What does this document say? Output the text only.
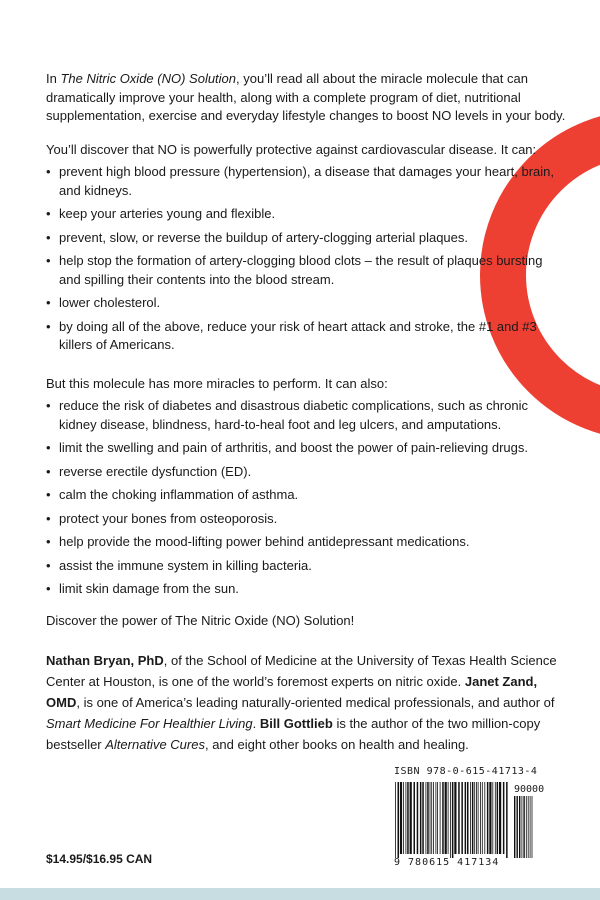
In The Nitric Oxide (NO) Solution, you’ll read all about the miracle molecule that can dramatically improve your health, along with a complete program of diet, nutritional supplementation, exercise and everyday lifestyle changes to boost NO levels in your body.

You’ll discover that NO is powerfully protective against cardiovascular disease. It can:

• prevent high blood pressure (hypertension), a disease that damages your heart, brain, and kidneys.
• keep your arteries young and flexible.
• prevent, slow, or reverse the buildup of artery-clogging arterial plaques.
• help stop the formation of artery-clogging blood clots – the result of plaques bursting and spilling their contents into the blood stream.
• lower cholesterol.
• by doing all of the above, reduce your risk of heart attack and stroke, the #1 and #3 killers of Americans.

But this molecule has more miracles to perform. It can also:

• reduce the risk of diabetes and disastrous diabetic complications, such as chronic kidney disease, blindness, hard-to-heal foot and leg ulcers, and amputations.
• limit the swelling and pain of arthritis, and boost the power of pain-relieving drugs.
• reverse erectile dysfunction (ED).
• calm the choking inflammation of asthma.
• protect your bones from osteoporosis.
• help provide the mood-lifting power behind antidepressant medications.
• assist the immune system in killing bacteria.
• limit skin damage from the sun.

Discover the power of The Nitric Oxide (NO) Solution!

Nathan Bryan, PhD, of the School of Medicine at the University of Texas Health Science Center at Houston, is one of the world’s foremost experts on nitric oxide. Janet Zand, OMD, is one of America’s leading naturally-oriented medical professionals, and author of Smart Medicine For Healthier Living. Bill Gottlieb is the author of the two million-copy bestseller Alternative Cures, and eight other books on health and healing.

ISBN 978-0-615-41713-4
90000
9 780615 417134
$14.95/$16.95 CAN
